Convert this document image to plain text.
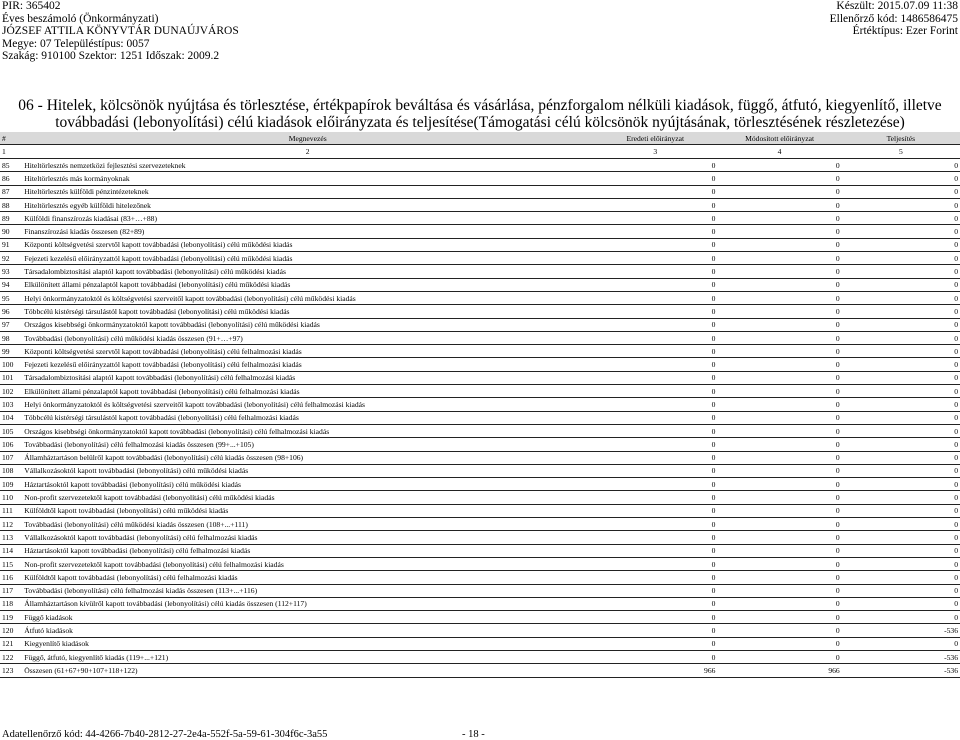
PIR: 365402
Éves beszámoló (Önkormányzati)
JÓZSEF ATTILA KÖNYVTÁR DUNAÚJVÁROS
Megye: 07 Településtípus: 0057
Szakág: 910100 Szektor: 1251 Időszak: 2009.2
Készült: 2015.07.09 11:38
Ellenőrző kód: 1486586475
Értéktípus: Ezer Forint
06 - Hitelek, kölcsönök nyújtása és törlesztése, értékpapírok beváltása és vásárlása, pénzforgalom nélküli kiadások, függő, átfutó, kiegyenlítő, illetve
továbbadási (lebonyolítási) célú kiadások előirányzata és teljesítése(Támogatási célú kölcsönök nyújtásának, törlesztésének részletezése)
#	Megnevezés	Eredeti előirányzat	Módosított előirányzat	Teljesítés
1	2	3	4	5
85	Hiteltörlesztés nemzetközi fejlesztési szervezeteknek	0	0	0
86	Hiteltörlesztés más kormányoknak	0	0	0
87	Hiteltörlesztés külföldi pénzintézeteknek	0	0	0
88	Hiteltörlesztés egyéb külföldi hitelezőnek	0	0	0
89	Külföldi finanszírozás kiadásai (83+…+88)	0	0	0
90	Finanszírozási kiadás összesen (82+89)	0	0	0
91	Központi költségvetési szervtől kapott továbbadási (lebonyolítási) célú működési kiadás	0	0	0
92	Fejezeti kezelésű előirányzattól kapott továbbadási (lebonyolítási) célú működési kiadás	0	0	0
93	Társadalombiztosítási alaptól kapott továbbadási (lebonyolítási) célú működési kiadás	0	0	0
94	Elkülönített állami pénzalaptól kapott továbbadási (lebonyolítási) célú működési kiadás	0	0	0
95	Helyi önkormányzatoktól és költségvetési szerveitől kapott továbbadási (lebonyolítási) célú működési kiadás	0	0	0
96	Többcélú kistérségi társulástól kapott továbbadási (lebonyolítási) célú működési kiadás	0	0	0
97	Országos kisebbségi önkormányzatoktól kapott továbbadási (lebonyolítási) célú működési kiadás	0	0	0
98	Továbbadási (lebonyolítási) célú működési kiadás összesen (91+…+97)	0	0	0
99	Központi költségvetési szervtől kapott továbbadási (lebonyolítási) célú felhalmozási kiadás	0	0	0
100	Fejezeti kezelésű előirányzattól kapott továbbadási (lebonyolítási) célú felhalmozási kiadás	0	0	0
101	Társadalombiztosítási alaptól kapott továbbadási (lebonyolítási) célú felhalmozási kiadás	0	0	0
102	Elkülönített állami pénzalaptól kapott továbbadási (lebonyolítási) célú felhalmozási kiadás	0	0	0
103	Helyi önkormányzatoktól és költségvetési szerveitől kapott továbbadási (lebonyolítási) célú felhalmozási kiadás	0	0	0
104	Többcélú kistérségi társulástól kapott továbbadási (lebonyolítási) célú felhalmozási kiadás	0	0	0
105	Országos kisebbségi önkormányzatoktól kapott továbbadási (lebonyolítási) célú felhalmozási kiadás	0	0	0
106	Továbbadási (lebonyolítási) célú felhalmozási kiadás összesen (99+...+105)	0	0	0
107	Államháztartáson belülről kapott továbbadási (lebonyolítási) célú kiadás összesen (98+106)	0	0	0
108	Vállalkozásoktól kapott továbbadási (lebonyolítási) célú működési kiadás	0	0	0
109	Háztartásoktól kapott továbbadási (lebonyolítási) célú működési kiadás	0	0	0
110	Non-profit szervezetektől kapott továbbadási (lebonyolítási) célú működési kiadás	0	0	0
111	Külföldtől kapott továbbadási (lebonyolítási) célú működési kiadás	0	0	0
112	Továbbadási (lebonyolítási) célú működési kiadás összesen (108+...+111)	0	0	0
113	Vállalkozásoktól kapott továbbadási (lebonyolítási) célú felhalmozási kiadás	0	0	0
114	Háztartásoktól kapott továbbadási (lebonyolítási) célú felhalmozási kiadás	0	0	0
115	Non-profit szervezetektől kapott továbbadási (lebonyolítási) célú felhalmozási kiadás	0	0	0
116	Külföldtől kapott továbbadási (lebonyolítási) célú felhalmozási kiadás	0	0	0
117	Továbbadási (lebonyolítási) célú felhalmozási kiadás összesen (113+...+116)	0	0	0
118	Államháztartáson kívülről kapott továbbadási (lebonyolítási) célú kiadás összesen (112+117)	0	0	0
119	Függő kiadások	0	0	0
120	Átfutó kiadások	0	0	-536
121	Kiegyenlítő kiadások	0	0	0
122	Függő, átfutó, kiegyenlítő kiadás (119+...+121)	0	0	-536
123	Összesen (61+67+90+107+118+122)	966	966	-536
Adatellenőrző kód: 44-4266-7b40-2812-27-2e4a-552f-5a-59-61-304f6c-3a55	- 18 -
